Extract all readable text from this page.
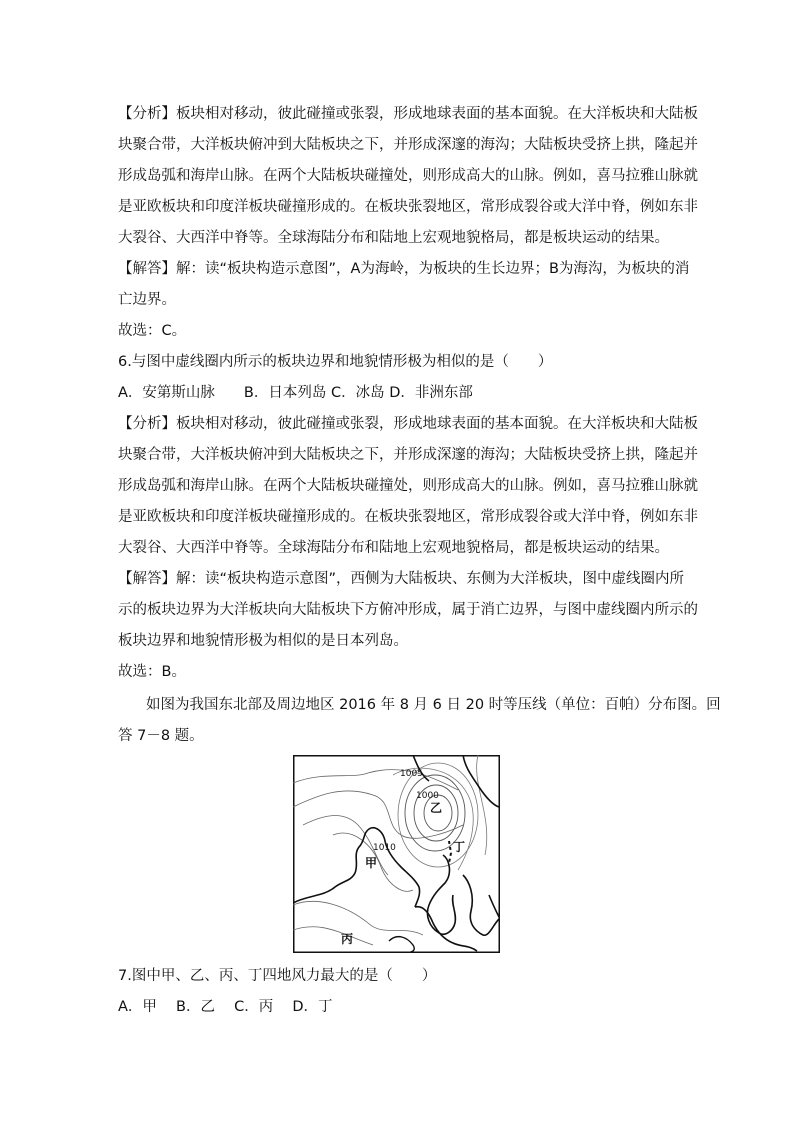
【分析】板块相对移动，彼此碰撞或张裂，形成地球表面的基本面貌。在大洋板块和大陆板
块聚合带，大洋板块俯冲到大陆板块之下，并形成深邃的海沟；大陆板块受挤上拱，隆起并
形成岛弧和海岸山脉。在两个大陆板块碰撞处，则形成高大的山脉。例如，喜马拉雅山脉就
是亚欧板块和印度洋板块碰撞形成的。在板块张裂地区，常形成裂谷或大洋中脊，例如东非
大裂谷、大西洋中脊等。全球海陆分布和陆地上宏观地貌格局，都是板块运动的结果。
【解答】解：读“板块构造示意图”，A为海岭，为板块的生长边界；B为海沟，为板块的消
亡边界。
故选：C。
6.与图中虚线圈内所示的板块边界和地貌情形极为相似的是（　　）
A．安第斯山脉　　B．日本列岛 C．冰岛 D．非洲东部
【分析】板块相对移动，彼此碰撞或张裂，形成地球表面的基本面貌。在大洋板块和大陆板
块聚合带，大洋板块俯冲到大陆板块之下，并形成深邃的海沟；大陆板块受挤上拱，隆起并
形成岛弧和海岸山脉。在两个大陆板块碰撞处，则形成高大的山脉。例如，喜马拉雅山脉就
是亚欧板块和印度洋板块碰撞形成的。在板块张裂地区，常形成裂谷或大洋中脊，例如东非
大裂谷、大西洋中脊等。全球海陆分布和陆地上宏观地貌格局，都是板块运动的结果。
【解答】解：读“板块构造示意图”，西侧为大陆板块、东侧为大洋板块，图中虚线圈内所
示的板块边界为大洋板块向大陆板块下方俯冲形成，属于消亡边界，与图中虚线圈内所示的
板块边界和地貌情形极为相似的是日本列岛。
故选：B。
如图为我国东北部及周边地区 2016 年 8 月 6 日 20 时等压线（单位：百帕）分布图。回
答 7－8 题。
1005
1000
1010
乙
甲
丙
丁
7.图中甲、乙、丙、丁四地风力最大的是（　　）
A．甲　 B．乙　 C．丙　 D．丁
